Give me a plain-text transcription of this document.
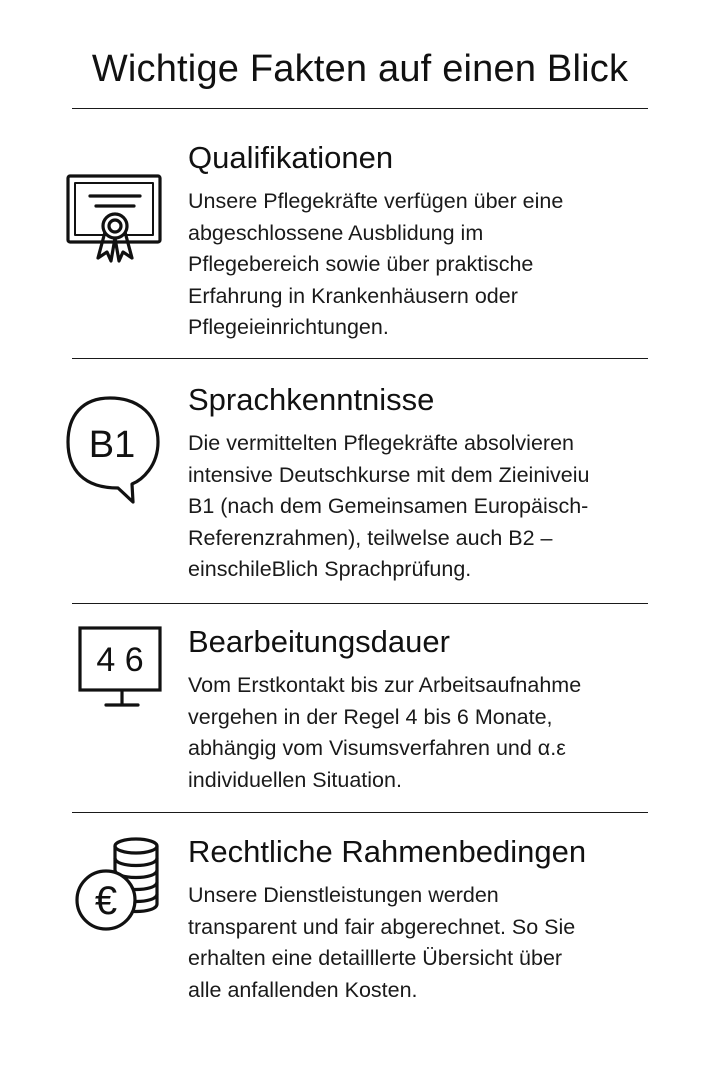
Wichtige Fakten auf einen Blick
Qualifikationen
Unsere Pflegekräfte verfügen über eine
abgeschlossene Ausblidung im
Pflegebereich sowie über praktische
Erfahrung in Krankenhäusern oder
Pflegeieinrichtungen.
B1
Sprachkenntnisse
Die vermittelten Pflegekräfte absolvieren
intensive Deutschkurse mit dem Zieiniveiu
B1 (nach dem Gemeinsamen Europäisch-
Referenzrahmen), teilwelse auch B2 –
einschileBlich Sprachprüfung.
4 6 Bearbeitungsdauer
Vom Erstkontakt bis zur Arbeitsaufnahme
vergehen in der Regel 4 bis 6 Monate,
abhängig vom Visumsverfahren und α.ε
individuellen Situation.
€
Rechtliche Rahmenbedingen
Unsere Dienstleistungen werden
transparent und fair abgerechnet. So Sie
erhalten eine detailllerte Übersicht über
alle anfallenden Kosten.
